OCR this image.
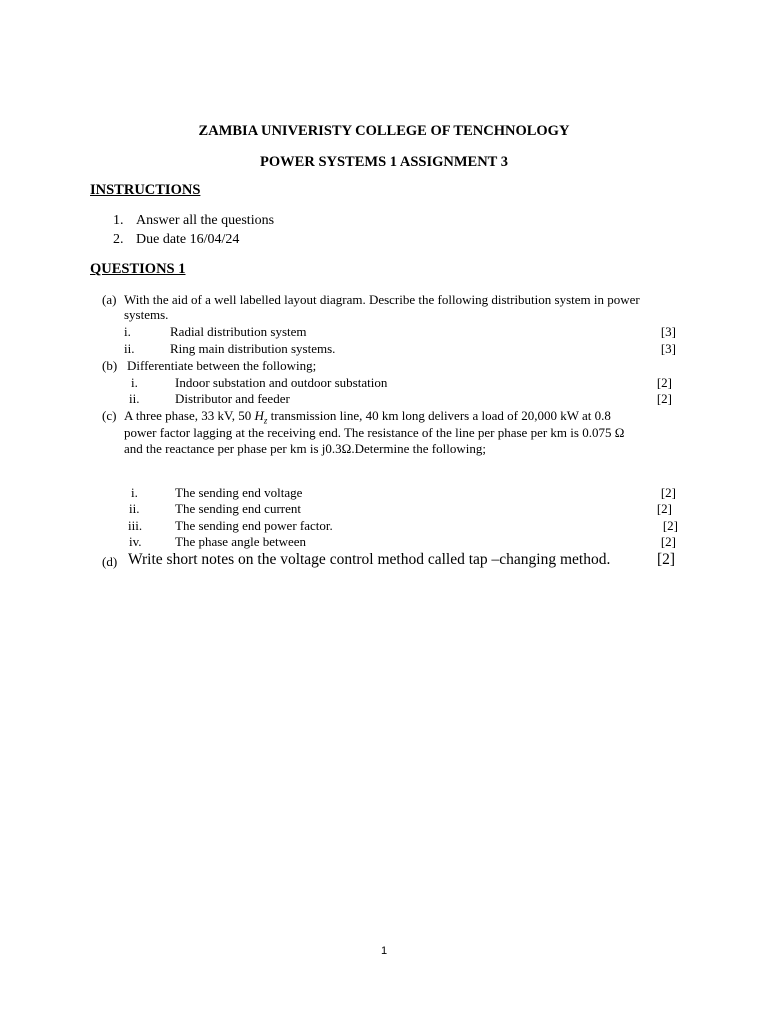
ZAMBIA UNIVERISTY COLLEGE OF TENCHNOLOGY
POWER SYSTEMS 1 ASSIGNMENT 3
INSTRUCTIONS
1. Answer all the questions
2. Due date 16/04/24
QUESTIONS 1
(a) With the aid of a well labelled layout diagram. Describe the following distribution system in power
systems.
i.	Radial distribution system	[3]
ii.	Ring main distribution systems.	[3]
(b) Differentiate between the following;
i.	Indoor substation and outdoor substation	[2]
ii.	Distributor and feeder	[2]
(c) A three phase, 33 kV, 50 $H_z$ transmission line, 40 km long delivers a load of 20,000 kW at 0.8
power factor lagging at the receiving end. The resistance of the line per phase per km is 0.075 Ω
and the reactance per phase per km is j0.3Ω.Determine the following;
i.	The sending end voltage	[2]
ii.	The sending end current	[2]
iii.	The sending end power factor.	[2]
iv.	The phase angle between	[2]
(d) Write short notes on the voltage control method called tap –changing method.	[2]
1
